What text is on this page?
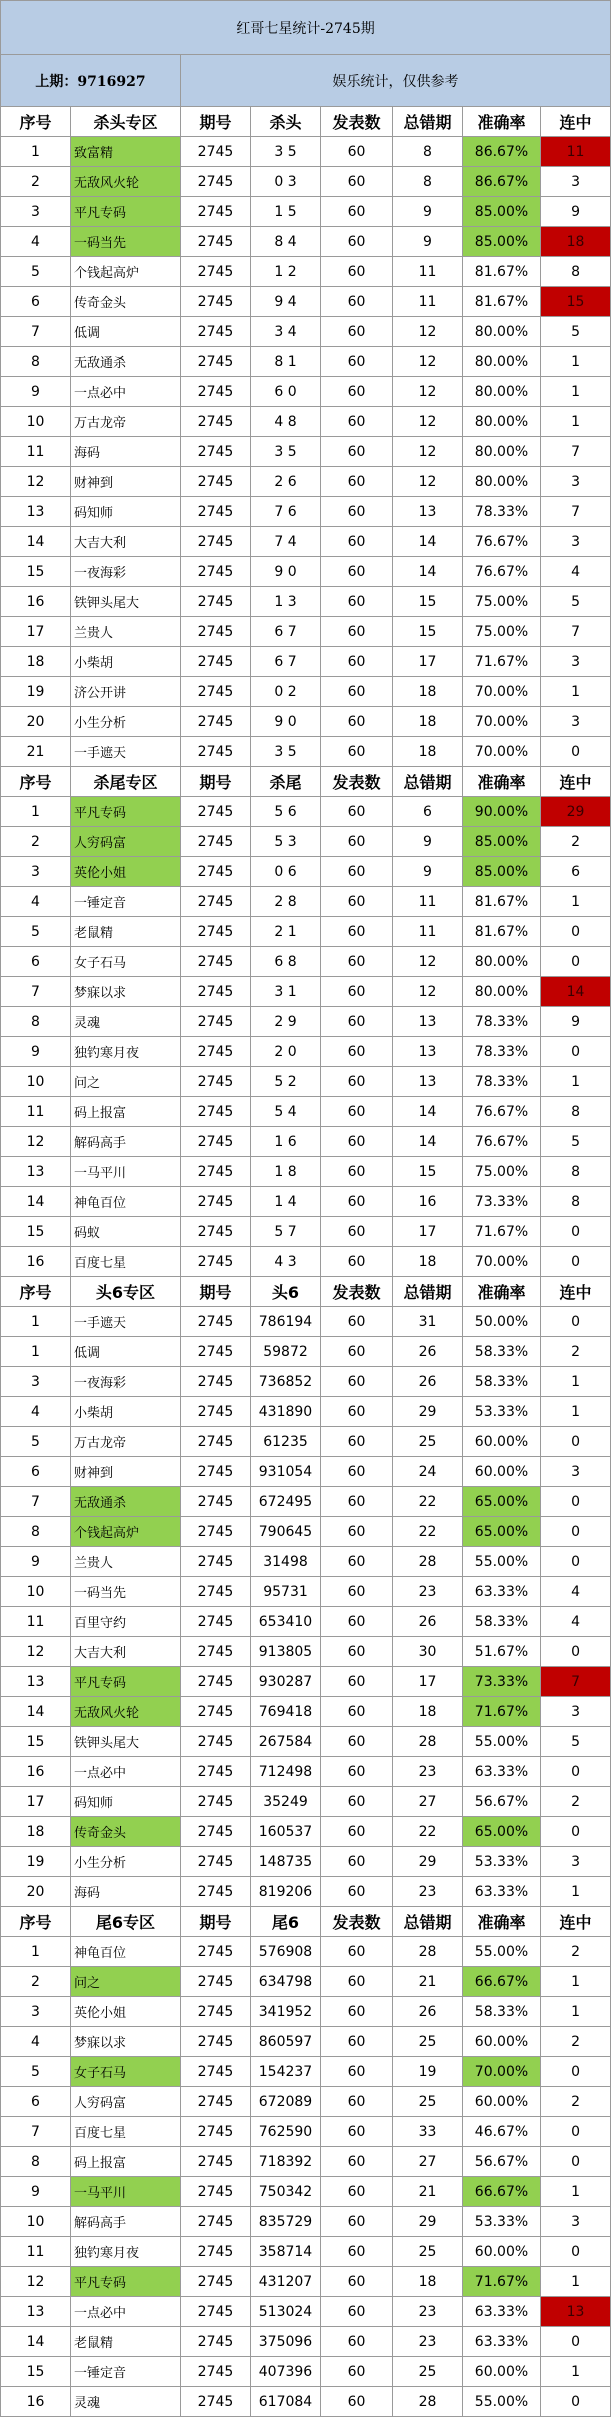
红哥七星统计-2745期							
上期：9716927		娱乐统计，仅供参考					
序号	杀头专区	期号	杀头	发表数	总错期	准确率	连中
1	致富精	2745	3 5	60	8	86.67%	11
2	无敌风火轮	2745	0 3	60	8	86.67%	3
3	平凡专码	2745	1 5	60	9	85.00%	9
4	一码当先	2745	8 4	60	9	85.00%	18
5	个钱起高炉	2745	1 2	60	11	81.67%	8
6	传奇金头	2745	9 4	60	11	81.67%	15
7	低调	2745	3 4	60	12	80.00%	5
8	无敌通杀	2745	8 1	60	12	80.00%	1
9	一点必中	2745	6 0	60	12	80.00%	1
10	万古龙帝	2745	4 8	60	12	80.00%	1
11	海码	2745	3 5	60	12	80.00%	7
12	财神到	2745	2 6	60	12	80.00%	3
13	码知师	2745	7 6	60	13	78.33%	7
14	大吉大利	2745	7 4	60	14	76.67%	3
15	一夜海彩	2745	9 0	60	14	76.67%	4
16	铁钾头尾大	2745	1 3	60	15	75.00%	5
17	兰贵人	2745	6 7	60	15	75.00%	7
18	小柴胡	2745	6 7	60	17	71.67%	3
19	济公开讲	2745	0 2	60	18	70.00%	1
20	小生分析	2745	9 0	60	18	70.00%	3
21	一手遮天	2745	3 5	60	18	70.00%	0
序号	杀尾专区	期号	杀尾	发表数	总错期	准确率	连中
1	平凡专码	2745	5 6	60	6	90.00%	29
2	人穷码富	2745	5 3	60	9	85.00%	2
3	英伦小姐	2745	0 6	60	9	85.00%	6
4	一锤定音	2745	2 8	60	11	81.67%	1
5	老鼠精	2745	2 1	60	11	81.67%	0
6	女子石马	2745	6 8	60	12	80.00%	0
7	梦寐以求	2745	3 1	60	12	80.00%	14
8	灵魂	2745	2 9	60	13	78.33%	9
9	独钓寒月夜	2745	2 0	60	13	78.33%	0
10	问之	2745	5 2	60	13	78.33%	1
11	码上报富	2745	5 4	60	14	76.67%	8
12	解码高手	2745	1 6	60	14	76.67%	5
13	一马平川	2745	1 8	60	15	75.00%	8
14	神龟百位	2745	1 4	60	16	73.33%	8
15	码蚁	2745	5 7	60	17	71.67%	0
16	百度七星	2745	4 3	60	18	70.00%	0
序号	头6专区	期号	头6	发表数	总错期	准确率	连中
1	一手遮天	2745	786194	60	31	50.00%	0
1	低调	2745	59872	60	26	58.33%	2
3	一夜海彩	2745	736852	60	26	58.33%	1
4	小柴胡	2745	431890	60	29	53.33%	1
5	万古龙帝	2745	61235	60	25	60.00%	0
6	财神到	2745	931054	60	24	60.00%	3
7	无敌通杀	2745	672495	60	22	65.00%	0
8	个钱起高炉	2745	790645	60	22	65.00%	0
9	兰贵人	2745	31498	60	28	55.00%	0
10	一码当先	2745	95731	60	23	63.33%	4
11	百里守约	2745	653410	60	26	58.33%	4
12	大吉大利	2745	913805	60	30	51.67%	0
13	平凡专码	2745	930287	60	17	73.33%	7
14	无敌风火轮	2745	769418	60	18	71.67%	3
15	铁钾头尾大	2745	267584	60	28	55.00%	5
16	一点必中	2745	712498	60	23	63.33%	0
17	码知师	2745	35249	60	27	56.67%	2
18	传奇金头	2745	160537	60	22	65.00%	0
19	小生分析	2745	148735	60	29	53.33%	3
20	海码	2745	819206	60	23	63.33%	1
序号	尾6专区	期号	尾6	发表数	总错期	准确率	连中
1	神龟百位	2745	576908	60	28	55.00%	2
2	问之	2745	634798	60	21	66.67%	1
3	英伦小姐	2745	341952	60	26	58.33%	1
4	梦寐以求	2745	860597	60	25	60.00%	2
5	女子石马	2745	154237	60	19	70.00%	0
6	人穷码富	2745	672089	60	25	60.00%	2
7	百度七星	2745	762590	60	33	46.67%	0
8	码上报富	2745	718392	60	27	56.67%	0
9	一马平川	2745	750342	60	21	66.67%	1
10	解码高手	2745	835729	60	29	53.33%	3
11	独钓寒月夜	2745	358714	60	25	60.00%	0
12	平凡专码	2745	431207	60	18	71.67%	1
13	一点必中	2745	513024	60	23	63.33%	13
14	老鼠精	2745	375096	60	23	63.33%	0
15	一锤定音	2745	407396	60	25	60.00%	1
16	灵魂	2745	617084	60	28	55.00%	0
